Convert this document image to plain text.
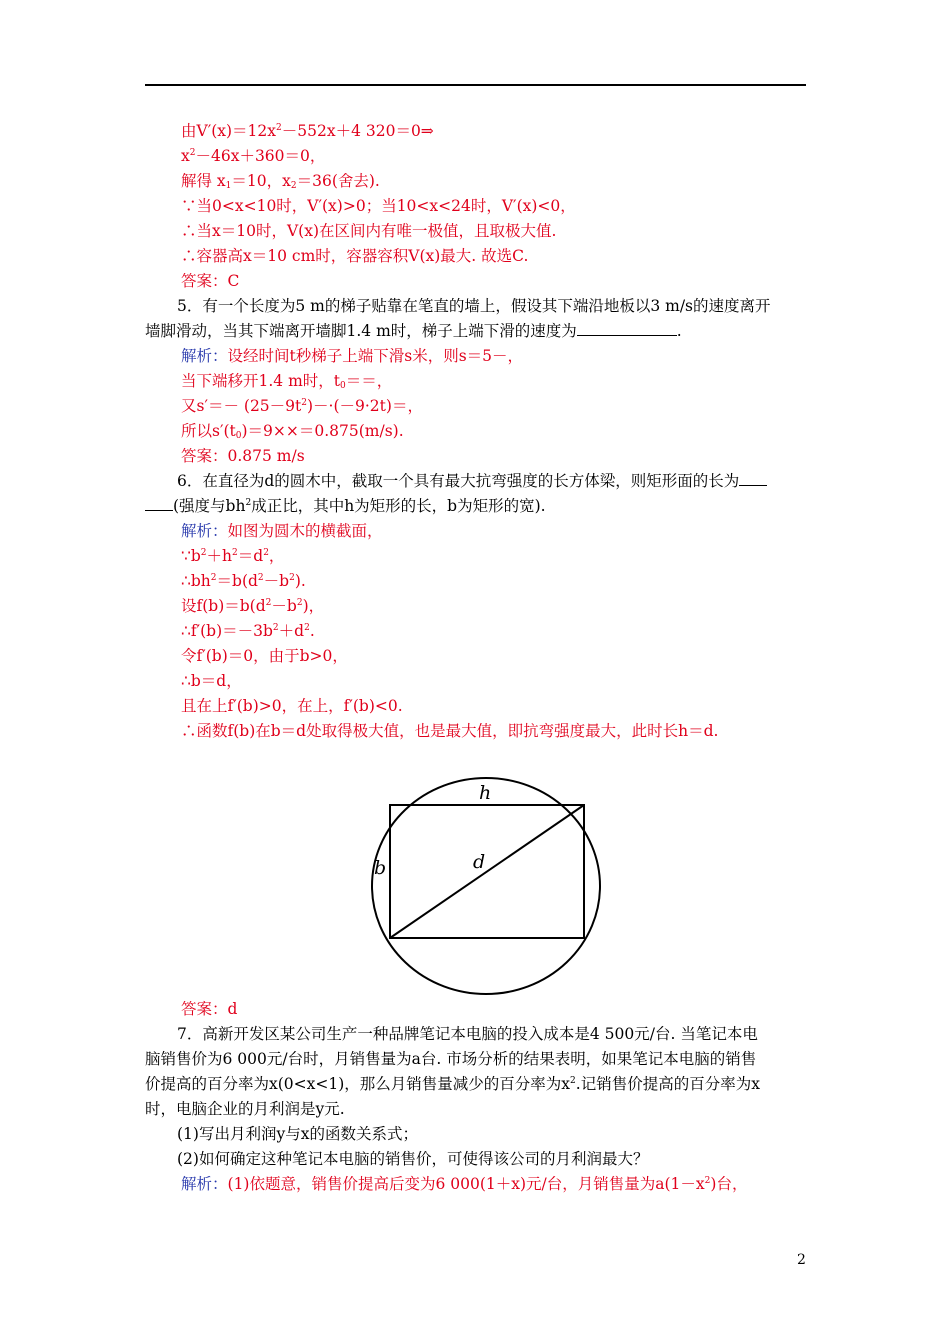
由$V'(x)=12x^2-552x+4$ 320＝0⇒
$x^2-46x+360=0$，
解得 $x_1=10$，$x_2=36$(舍去).
∵当0<x<10时，V′(x)>0；当10<x<24时，V′(x)<0，
∴当x＝10时，V(x)在区间内有唯一极值，且取极大值.
∴容器高x＝10 cm时，容器容积V(x)最大. 故选C.
答案：C
5．有一个长度为5 m的梯子贴靠在笔直的墙上，假设其下端沿地板以3 m/s的速度离开
墙脚滑动，当其下端离开墙脚1.4 m时，梯子上端下滑的速度为	.
解析：设经时间t秒梯子上端下滑s米，则s＝5－，
当下端移开1.4 m时，$t_0==$，
又$s'=- (25-9t^2)-\cdot(-9\cdot 2t)=$，
所以$s'(t_0)=9\times\times=0.875(m/s)$.
答案：0.875 m/s
6．在直径为d的圆木中，截取一个具有最大抗弯强度的长方体梁，则矩形面的长为
(强度与$bh^2$成正比，其中h为矩形的长，b为矩形的宽).
解析：如图为圆木的横截面，
$\because b^2+h^2=d^2$，
$\therefore bh^2=b(d^2-b^2)$.
设$f(b)=b(d^2-b^2)$，
$\therefore f'(b)=-3b^2+d^2$.
令f′(b)＝0，由于b>0，
∴b＝d，
且在上f′(b)>0，在上，f′(b)<0.
∴函数f(b)在b＝d处取得极大值，也是最大值，即抗弯强度最大，此时长h＝d.
h
b	d
答案：d
7．高新开发区某公司生产一种品牌笔记本电脑的投入成本是4 500元/台. 当笔记本电
脑销售价为6 000元/台时，月销售量为a台. 市场分析的结果表明，如果笔记本电脑的销售
价提高的百分率为x(0<x<1)，那么月销售量减少的百分率为$x^2$.记销售价提高的百分率为x
时，电脑企业的月利润是y元.
(1)写出月利润y与x的函数关系式；
(2)如何确定这种笔记本电脑的销售价，可使得该公司的月利润最大？
解析：(1)依题意，销售价提高后变为6 000(1＋x)元/台，月销售量为$a(1-x^2)$台，
2
